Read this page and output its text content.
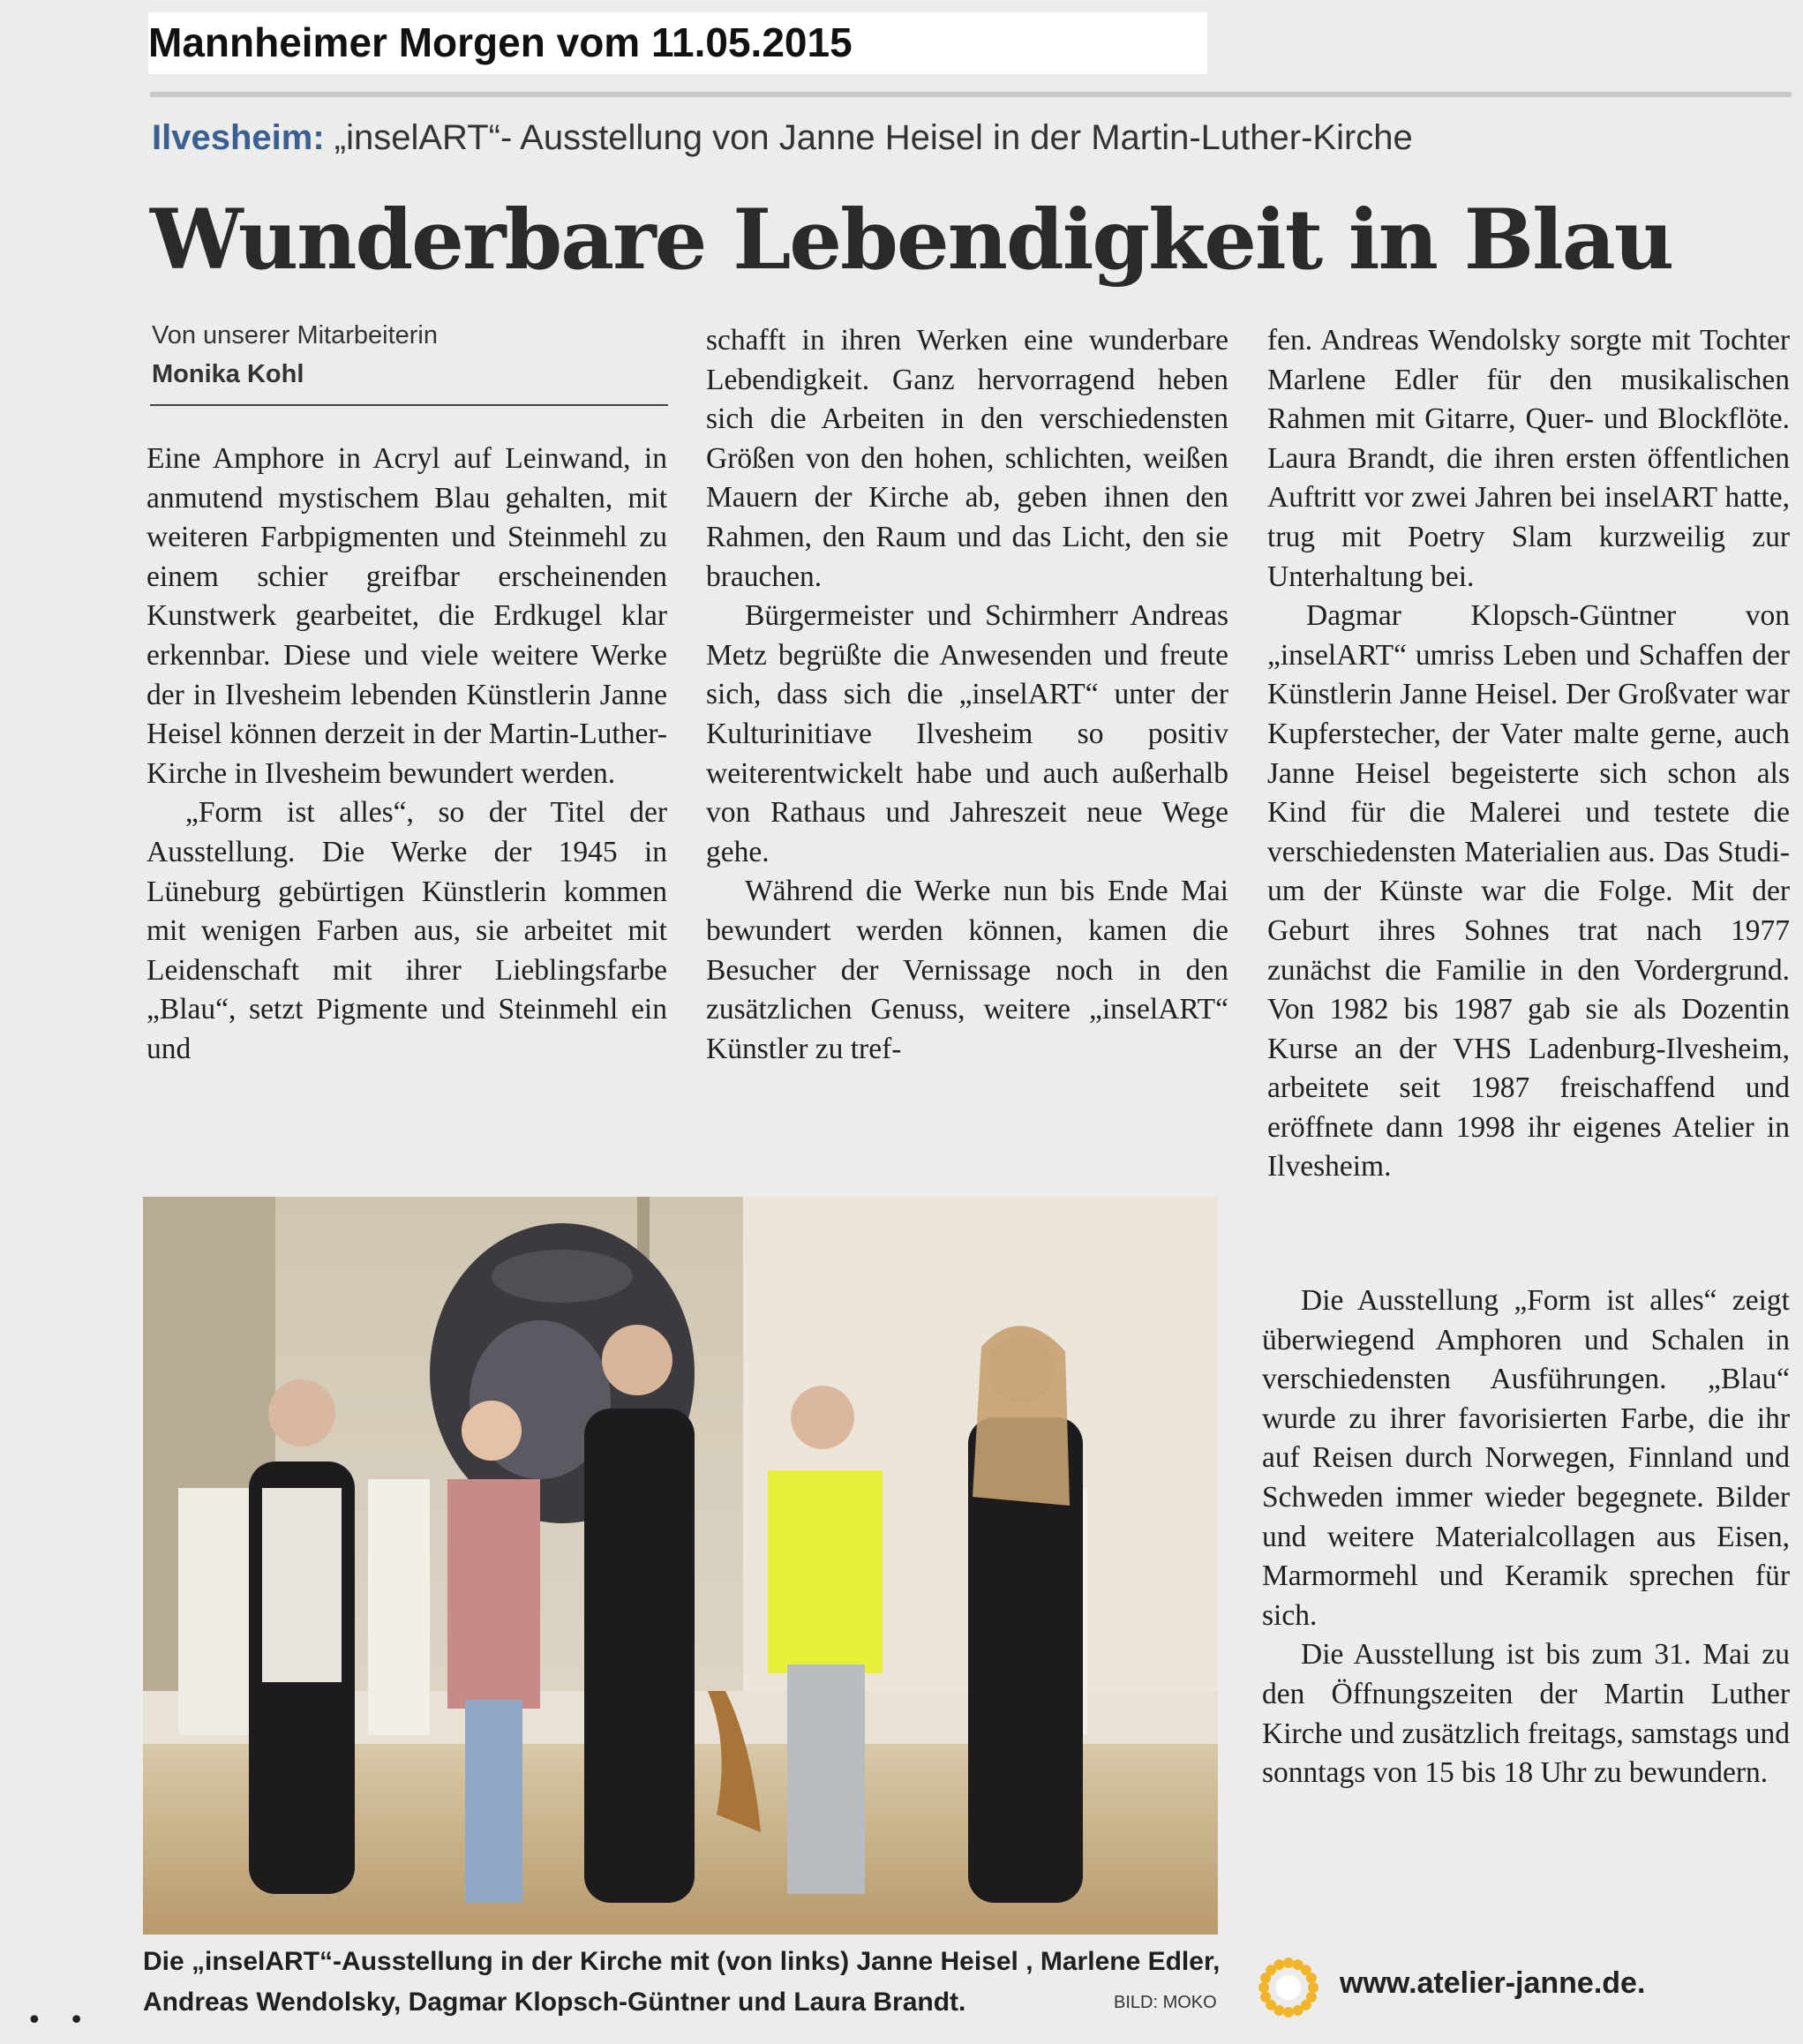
Mannheimer Morgen vom 11.05.2015
Ilvesheim: „inselART“- Ausstellung von Janne Heisel in der Martin-Luther-Kirche
Wunderbare Lebendigkeit in Blau
Von unserer Mitarbeiterin
Monika Kohl

Eine Amphore in Acryl auf Leinwand, in anmutend mystischem Blau gehalten, mit weiteren Farbpigmenten und Steinmehl zu einem schier greifbar erscheinenden Kunstwerk gearbeitet, die Erdkugel klar erkennbar. Diese und viele weitere Werke der in Ilvesheim lebenden Künstlerin Janne Heisel können derzeit in der Martin-Luther-Kirche in Ilvesheim bewundert werden.

„Form ist alles“, so der Titel der Ausstellung. Die Werke der 1945 in Lüneburg gebürtigen Künstlerin kommen mit wenigen Farben aus, sie arbeitet mit Leidenschaft mit ihrer Lieblingsfarbe „Blau“, setzt Pigmente und Steinmehl ein und

schafft in ihren Werken eine wunderbare Lebendigkeit. Ganz hervorragend heben sich die Arbeiten in den verschiedensten Größen von den hohen, schlichten, weißen Mauern der Kirche ab, geben ihnen den Rahmen, den Raum und das Licht, den sie brauchen.

Bürgermeister und Schirmherr Andreas Metz begrüßte die Anwesenden und freute sich, dass sich die „inselART“ unter der Kulturinitiave Ilvesheim so positiv weiterentwickelt habe und auch außerhalb von Rathaus und Jahreszeit neue Wege gehe.

Während die Werke nun bis Ende Mai bewundert werden können, kamen die Besucher der Vernissage noch in den zusätzlichen Genuss, weitere „inselART“ Künstler zu tref-

fen. Andreas Wendolsky sorgte mit Tochter Marlene Edler für den musikalischen Rahmen mit Gitarre, Quer- und Blockflöte. Laura Brandt, die ihren ersten öffentlichen Auftritt vor zwei Jahren bei inselART hatte, trug mit Poetry Slam kurzweilig zur Unterhaltung bei.

Dagmar Klopsch-Güntner von „inselART“ umriss Leben und Schaffen der Künstlerin Janne Heisel. Der Großvater war Kupferstecher, der Vater malte gerne, auch Janne Heisel begeisterte sich schon als Kind für die Malerei und testete die verschiedensten Materialien aus. Das Studium der Künste war die Folge. Mit der Geburt ihres Sohnes trat nach 1977 zunächst die Familie in den Vordergrund. Von 1982 bis 1987 gab sie als Dozentin Kurse an der VHS Ladenburg-Ilvesheim, arbeitete seit 1987 freischaffend und eröffnete dann 1998 ihr eigenes Atelier in Ilvesheim.

Die Ausstellung „Form ist alles“ zeigt überwiegend Amphoren und Schalen in verschiedensten Ausführungen. „Blau“ wurde zu ihrer favorisierten Farbe, die ihr auf Reisen durch Norwegen, Finnland und Schweden immer wieder begegnete. Bilder und weitere Materialcollagen aus Eisen, Marmormehl und Keramik sprechen für sich.

Die Ausstellung ist bis zum 31. Mai zu den Öffnungszeiten der Martin Luther Kirche und zusätzlich freitags, samstags und sonntags von 15 bis 18 Uhr zu bewundern.

Die „inselART“-Ausstellung in der Kirche mit (von links) Janne Heisel , Marlene Edler, Andreas Wendolsky, Dagmar Klopsch-Güntner und Laura Brandt.	BILD: MOKO
www.atelier-janne.de.
••
